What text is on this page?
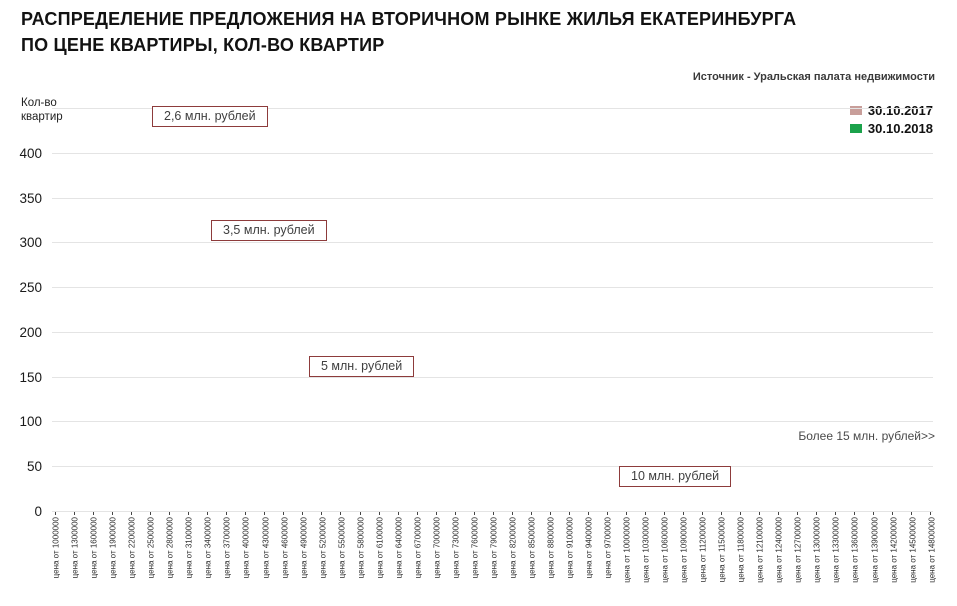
РАСПРЕДЕЛЕНИЕ ПРЕДЛОЖЕНИЯ НА ВТОРИЧНОМ РЫНКЕ ЖИЛЬЯ ЕКАТЕРИНБУРГА
ПО ЦЕНЕ КВАРТИРЫ, КОЛ-ВО КВАРТИР
Источник - Уральская палата недвижимости
Кол-во
квартир	30.10.2017
30.10.2018
0
50
100
150
200
250
300
350
400
цена от 1000000 цена от 1300000 цена от 1600000 цена от 1900000 цена от 2200000 цена от 2500000 цена от 2800000 цена от 3100000 цена от 3400000 цена от 3700000 цена от 4000000 цена от 4300000 цена от 4600000 цена от 4900000 цена от 5200000 цена от 5500000 цена от 5800000 цена от 6100000 цена от 6400000 цена от 6700000 цена от 7000000 цена от 7300000 цена от 7600000 цена от 7900000 цена от 8200000 цена от 8500000 цена от 8800000 цена от 9100000 цена от 9400000 цена от 9700000 цена от 10000000 цена от 10300000 цена от 10600000 цена от 10900000 цена от 11200000 цена от 11500000 цена от 11800000 цена от 12100000 цена от 12400000 цена от 12700000 цена от 13000000 цена от 13300000 цена от 13600000 цена от 13900000 цена от 14200000 цена от 14500000 цена от 14800000
2,6 млн. рублей
3,5 млн. рублей
5 млн. рублей
10 млн. рублей
Более 15 млн. рублей>>
